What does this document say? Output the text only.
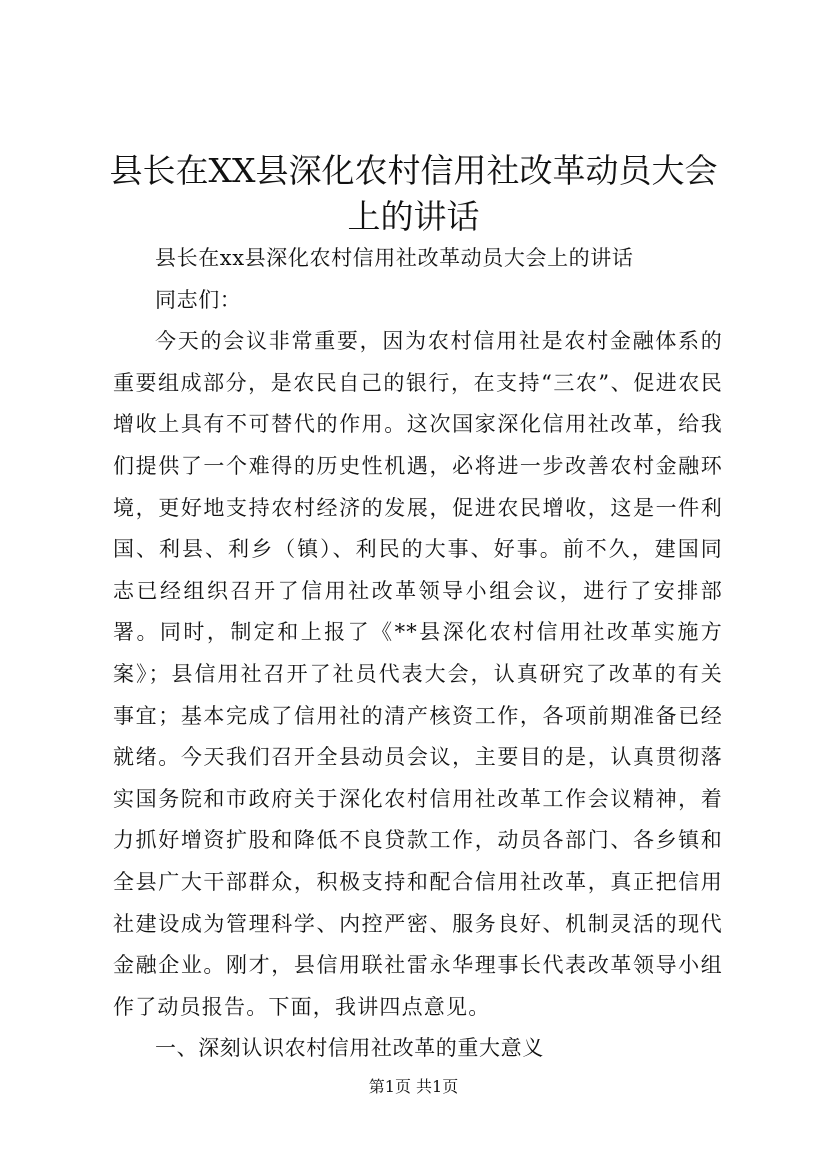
县长在XX县深化农村信用社改革动员大会上的讲话

县长在xx县深化农村信用社改革动员大会上的讲话

同志们：

今天的会议非常重要，因为农村信用社是农村金融体系的重要组成部分，是农民自己的银行，在支持“三农”、促进农民增收上具有不可替代的作用。这次国家深化信用社改革，给我们提供了一个难得的历史性机遇，必将进一步改善农村金融环境，更好地支持农村经济的发展，促进农民增收，这是一件利国、利县、利乡（镇）、利民的大事、好事。前不久，建国同志已经组织召开了信用社改革领导小组会议，进行了安排部署。同时，制定和上报了《**县深化农村信用社改革实施方案》；县信用社召开了社员代表大会，认真研究了改革的有关事宜；基本完成了信用社的清产核资工作，各项前期准备已经就绪。今天我们召开全县动员会议，主要目的是，认真贯彻落实国务院和市政府关于深化农村信用社改革工作会议精神，着力抓好增资扩股和降低不良贷款工作，动员各部门、各乡镇和全县广大干部群众，积极支持和配合信用社改革，真正把信用社建设成为管理科学、内控严密、服务良好、机制灵活的现代金融企业。刚才，县信用联社雷永华理事长代表改革领导小组作了动员报告。下面，我讲四点意见。

一、深刻认识农村信用社改革的重大意义

第1页 共1页
